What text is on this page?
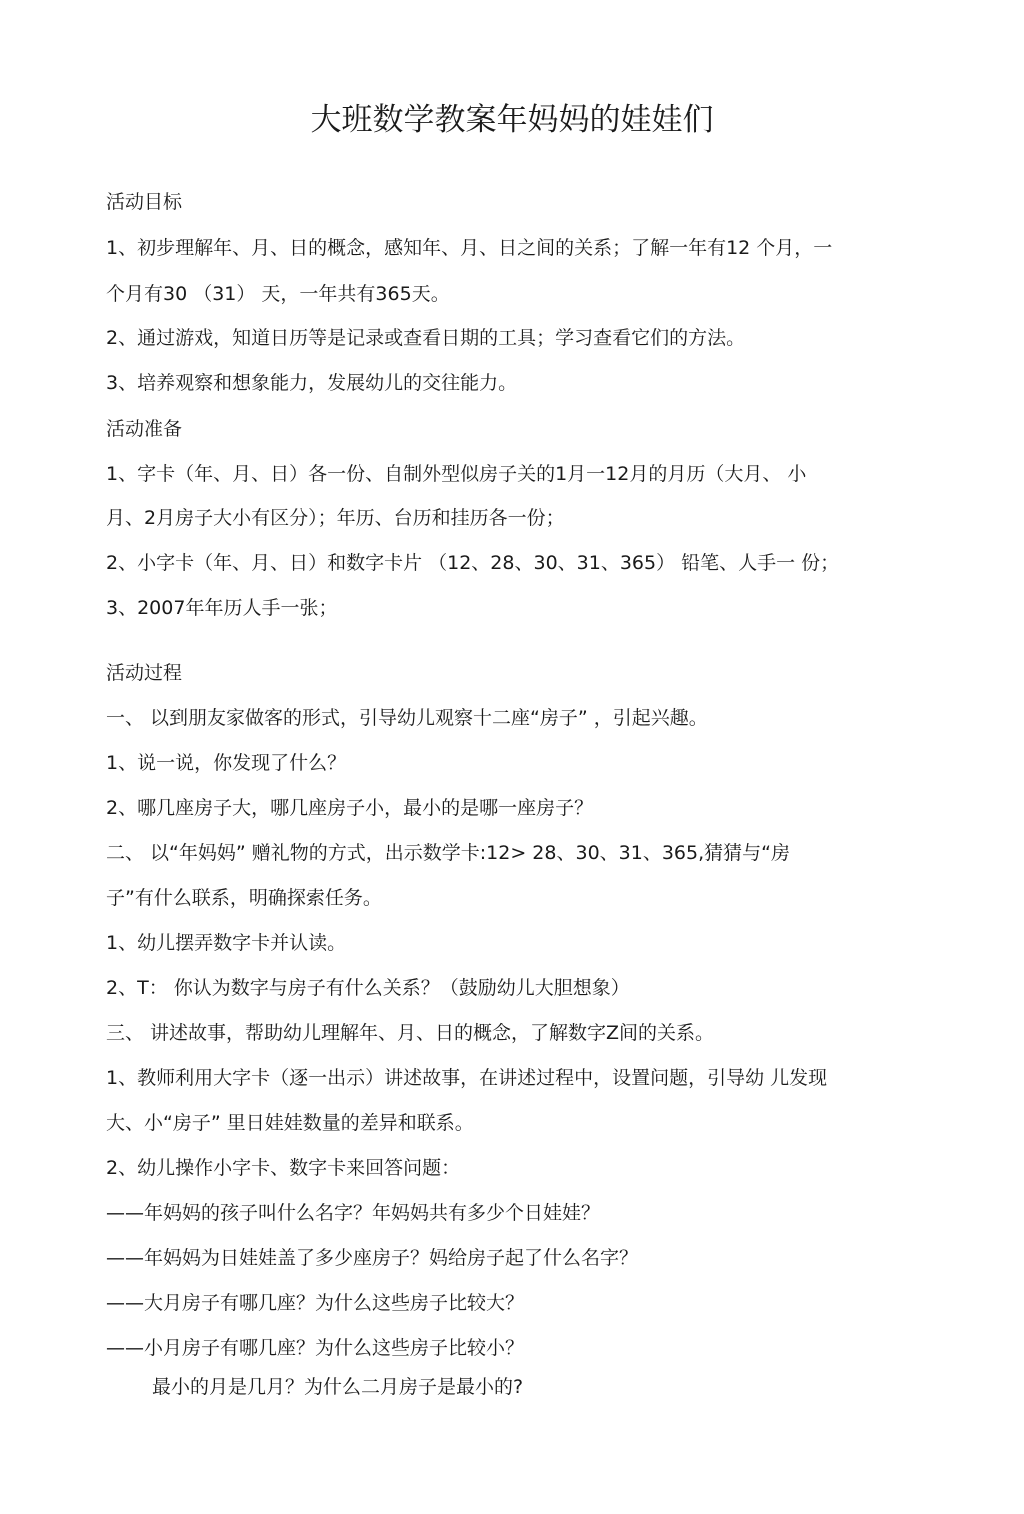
大班数学教案年妈妈的娃娃们

活动目标

1、初步理解年、月、日的概念，感知年、月、日之间的关系；了解一年有12 个月，一

个月有30 （31） 天，一年共有365天。

2、通过游戏，知道日历等是记录或查看日期的工具；学习查看它们的方法。

3、培养观察和想象能力，发展幼儿的交往能力。

活动准备

1、字卡（年、月、日）各一份、自制外型似房子关的1月一12月的月历（大月、 小

月、2月房子大小有区分）；年历、台历和挂历各一份；

2、小字卡（年、月、日）和数字卡片 （12、28、30、31、365） 铅笔、人手一 份；

3、2007年年历人手一张；

活动过程

一、 以到朋友家做客的形式，引导幼儿观察十二座“房子” ，引起兴趣。

1、说一说，你发现了什么？

2、哪几座房子大，哪几座房子小，最小的是哪一座房子？

二、 以“年妈妈” 赠礼物的方式，出示数学卡:12> 28、30、31、365,猜猜与“房

子”有什么联系，明确探索任务。

1、幼儿摆弄数字卡并认读。

2、T： 你认为数字与房子有什么关系？（鼓励幼儿大胆想象）

三、 讲述故事，帮助幼儿理解年、月、日的概念，了解数字Z间的关系。

1、教师利用大字卡（逐一出示）讲述故事，在讲述过程中，设置问题，引导幼 儿发现

大、小“房子” 里日娃娃数量的差异和联系。

2、幼儿操作小字卡、数字卡来回答问题：

——年妈妈的孩子叫什么名字？年妈妈共有多少个日娃娃？

——年妈妈为日娃娃盖了多少座房子？妈给房子起了什么名字？

——大月房子有哪几座？为什么这些房子比较大？

——小月房子有哪几座？为什么这些房子比较小？

最小的月是几月？为什么二月房子是最小的?
